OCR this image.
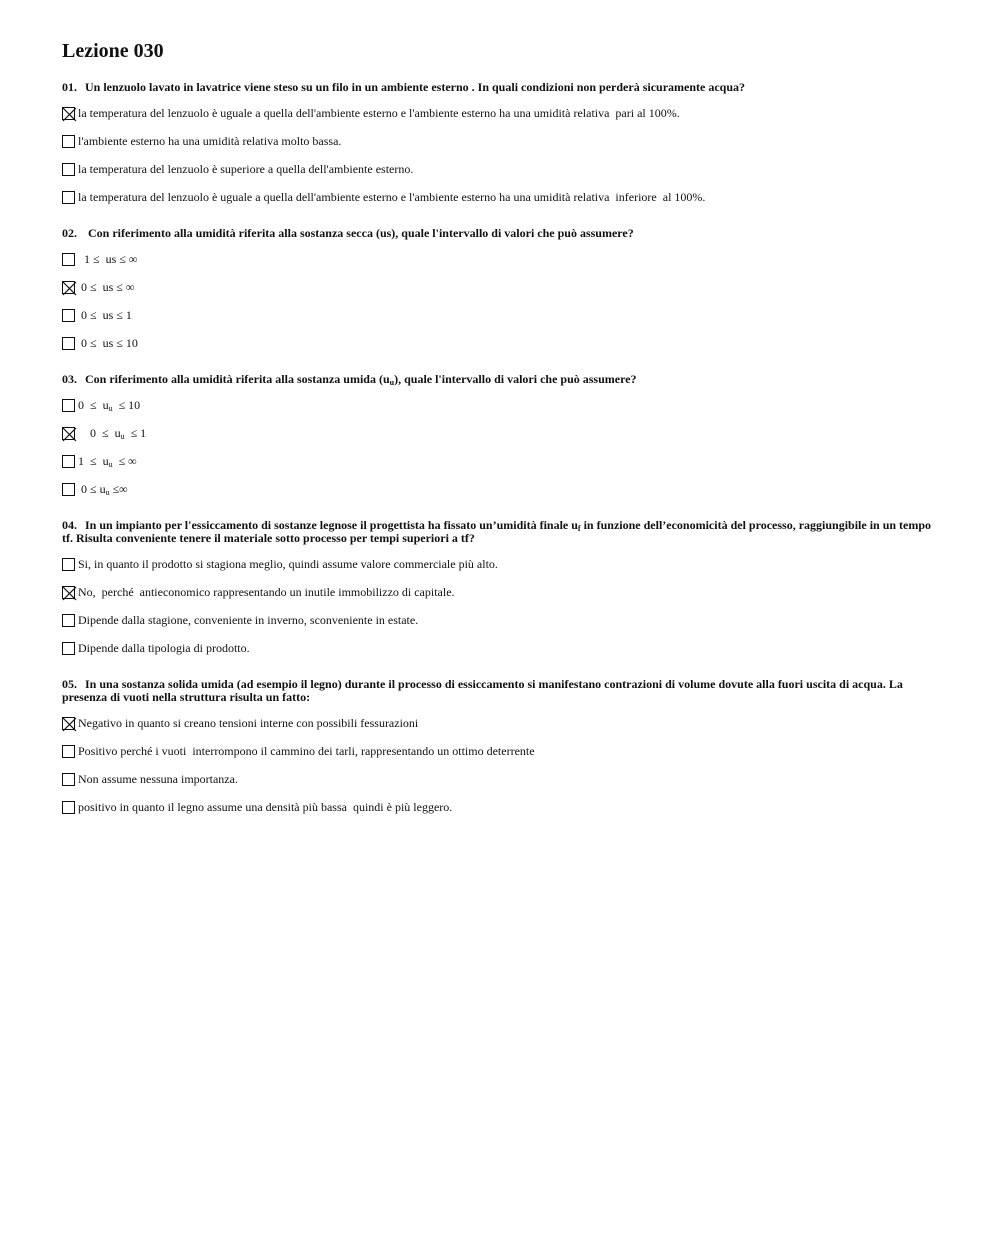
Lezione 030
01. Un lenzuolo lavato in lavatrice viene steso su un filo in un ambiente esterno . In quali condizioni non perderà sicuramente acqua?
la temperatura del lenzuolo è uguale a quella dell'ambiente esterno e l'ambiente esterno ha una umidità relativa  pari al 100%.
l'ambiente esterno ha una umidità relativa molto bassa.
la temperatura del lenzuolo è superiore a quella dell'ambiente esterno.
la temperatura del lenzuolo è uguale a quella dell'ambiente esterno e l'ambiente esterno ha una umidità relativa  inferiore  al 100%.
02. Con riferimento alla umidità riferita alla sostanza secca (us), quale l'intervallo di valori che può assumere?
1 ≤  us ≤ ∞
0 ≤  us ≤ ∞
0 ≤  us ≤ 1
0 ≤  us ≤ 10
03. Con riferimento alla umidità riferita alla sostanza umida $(u_u)$, quale l'intervallo di valori che può assumere?
$0 \le u_u \le 10$
$0 \le u_u \le 1$
$1 \le u_u$  ≤ ∞
$0 \le u_u$ ≤∞
04. In un impianto per l'essiccamento di sostanze legnose il progettista ha fissato un’umidità finale $u_f$ in funzione dell’economicità del processo, raggiungibile in un tempo tf. Risulta conveniente tenere il materiale sotto processo per tempi superiori a tf?
Si, in quanto il prodotto si stagiona meglio, quindi assume valore commerciale più alto.
No,  perché  antieconomico rappresentando un inutile immobilizzo di capitale.
Dipende dalla stagione, conveniente in inverno, sconveniente in estate.
Dipende dalla tipologia di prodotto.
05. In una sostanza solida umida (ad esempio il legno) durante il processo di essiccamento si manifestano contrazioni di volume dovute alla fuori uscita di acqua. La presenza di vuoti nella struttura risulta un fatto:
Negativo in quanto si creano tensioni interne con possibili fessurazioni
Positivo perché i vuoti  interrompono il cammino dei tarli, rappresentando un ottimo deterrente
Non assume nessuna importanza.
positivo in quanto il legno assume una densità più bassa  quindi è più leggero.
